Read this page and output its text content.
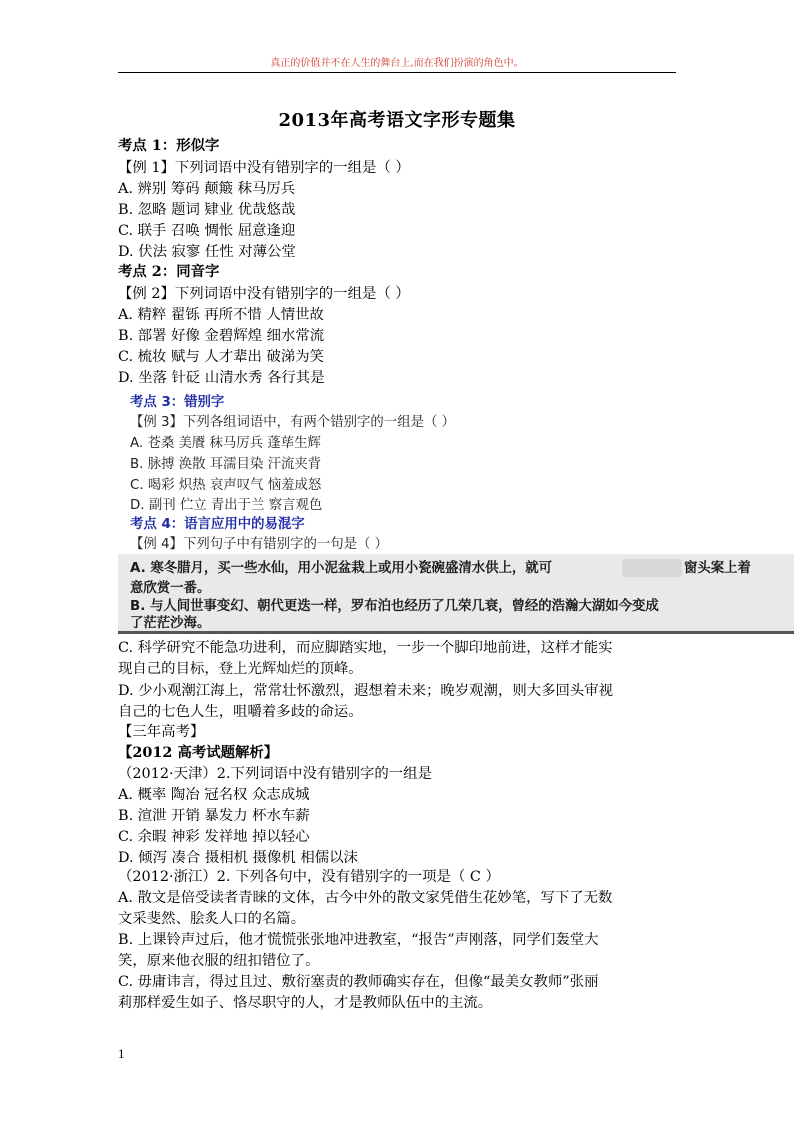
真正的价值并不在人生的舞台上,而在我们扮演的角色中。
2013年高考语文字形专题集
考点 1：形似字
【例 1】下列词语中没有错别字的一组是（ ）
A. 辨别 筹码 颠簸 秣马厉兵
B. 忽略 题词 肄业 优哉悠哉
C. 联手 召唤 惆怅 屈意逢迎
D. 伏法 寂寥 任性 对薄公堂
考点 2：同音字
【例 2】下列词语中没有错别字的一组是（ ）
A. 精粹 翟铄 再所不惜 人情世故
B. 部署 好像 金碧辉煌 细水常流
C. 梳妆 赋与 人才辈出 破涕为笑
D. 坐落 针砭 山清水秀 各行其是
考点 3：错别字
【例 3】下列各组词语中，有两个错别字的一组是（ ）
A. 苍桑 美餍 秣马厉兵 蓬荜生辉
B. 脉搏 涣散 耳濡目染 汗流夹背
C. 喝彩 炽热 哀声叹气 恼羞成怒
D. 副刊 伫立 青出于兰 察言观色
考点 4：语言应用中的易混字
【例 4】下列句子中有错别字的一句是（ ）
A. 寒冬腊月，买一些水仙，用小泥盆栽上或用小瓷碗盛清水供上，就可	窗头案上着
意欣赏一番。
B. 与人间世事变幻、朝代更迭一样，罗布泊也经历了几荣几衰，曾经的浩瀚大湖如今变成
了茫茫沙海。
C. 科学研究不能急功进利，而应脚踏实地，一步一个脚印地前进，这样才能实
现自己的目标，登上光辉灿烂的顶峰。
D. 少小观潮江海上，常常壮怀激烈，遐想着未来；晚岁观潮，则大多回头审视
自己的七色人生，咀嚼着多歧的命运。
【三年高考】
【2012 高考试题解析】
（2012·天津）2.下列词语中没有错别字的一组是
A. 概率 陶冶 冠名权 众志成城
B. 渲泄 开销 暴发力 杯水车薪
C. 余暇 神彩 发祥地 掉以轻心
D. 倾泻 凑合 摄相机 摄像机 相儒以沫
（2012·浙江）2. 下列各句中，没有错别字的一项是（ C ）
A. 散文是倍受读者青睐的文体，古今中外的散文家凭借生花妙笔，写下了无数
文采斐然、脍炙人口的名篇。
B. 上课铃声过后，他才慌慌张张地冲进教室，“报告”声刚落，同学们轰堂大
笑，原来他衣服的纽扣错位了。
C. 毋庸讳言，得过且过、敷衍塞责的教师确实存在，但像“最美女教师”张丽
莉那样爱生如子、恪尽职守的人，才是教师队伍中的主流。
1
